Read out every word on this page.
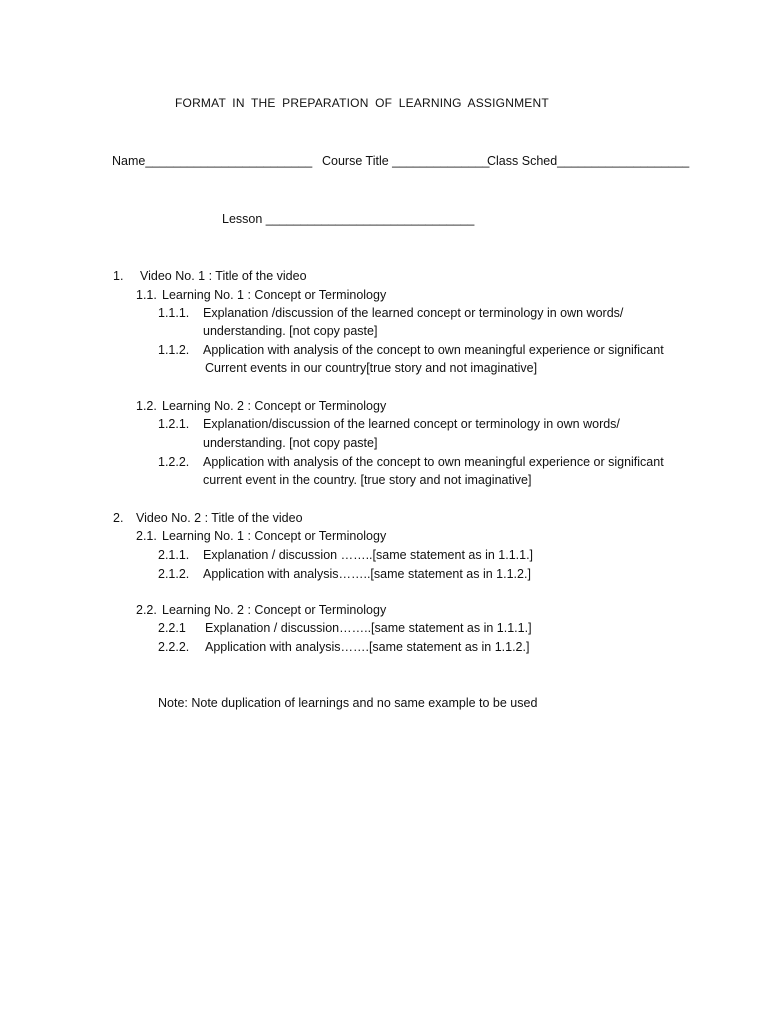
FORMAT IN THE PREPARATION OF LEARNING ASSIGNMENT
Name________________________ Course Title ______________
Class Sched___________________
Lesson ______________________________
1. Video No. 1 : Title of the video
1.1. Learning No. 1 : Concept or Terminology
1.1.1. Explanation /discussion of the learned concept or terminology in own words/
understanding. [not copy paste]
1.1.2. Application with analysis of the concept to own meaningful experience or significant
Current events in our country[true story and not imaginative]
1.2. Learning No. 2 : Concept or Terminology
1.2.1. Explanation/discussion of the learned concept or terminology in own words/
understanding. [not copy paste]
1.2.2. Application with analysis of the concept to own meaningful experience or significant
current event in the country. [true story and not imaginative]
2. Video No. 2 : Title of the video
2.1. Learning No. 1 : Concept or Terminology
2.1.1. Explanation / discussion ……..[same statement as in 1.1.1.]
2.1.2. Application with analysis……..[same statement as in 1.1.2.]
2.2. Learning No. 2 : Concept or Terminology
2.2.1 Explanation / discussion……..[same statement as in 1.1.1.]
2.2.2. Application with analysis…….[same statement as in 1.1.2.]
Note: Note duplication of learnings and no same example to be used
